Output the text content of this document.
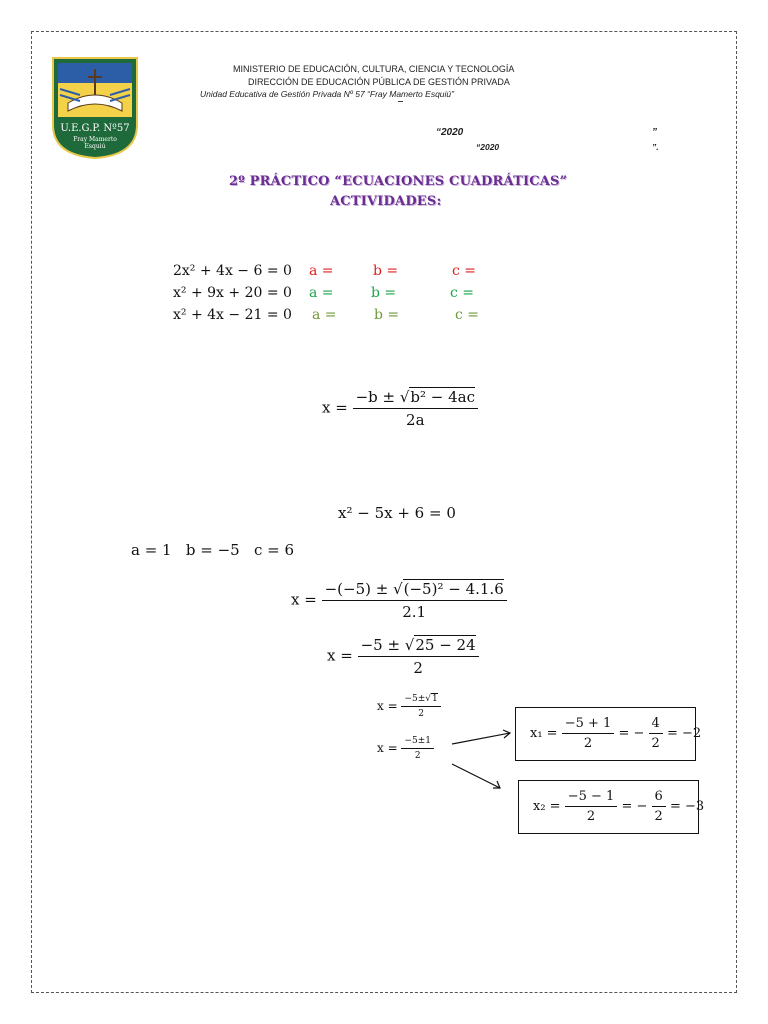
U.E.G.P. Nº57
Fray Mamerto
Esquiú
MINISTERIO DE EDUCACIÓN, CULTURA, CIENCIA Y TECNOLOGÍA
DIRECCIÓN DE EDUCACIÓN PÚBLICA DE GESTIÓN PRIVADA
Unidad Educativa de Gestión Privada Nº 57 “Fray Mamerto Esquiú”
“2020	”
“2020	”.
2º PRÁCTICO “ECUACIONES CUADRÁTICAS”
ACTIVIDADES:
2x² + 4x − 6 = 0 a =	b =	c =
x² + 9x + 20 = 0 a =	b =	c =
x² + 4x − 21 = 0 a =	b =	c =
$x = \frac{\text{−b ± √b² − 4ac}}{2a}$
x² − 5x + 6 = 0
a = 1   b = −5   c = 6
$x = \frac{\text{−(−5) ± √(−5)² − 4.1.6}}{2.1}$
$x = \frac{-5 \pm √25 - 24}{2}$
$x = \frac{-5\pm√1}{2}$
$x = \frac{-5\pm 1}{2}$
$x_1 = \frac{-5 + 1}{2}$ = − $\frac{4}{2} = -2$
$x_2 = \frac{-5 - 1}{2}$ = − $\frac{6}{2} = -3$
